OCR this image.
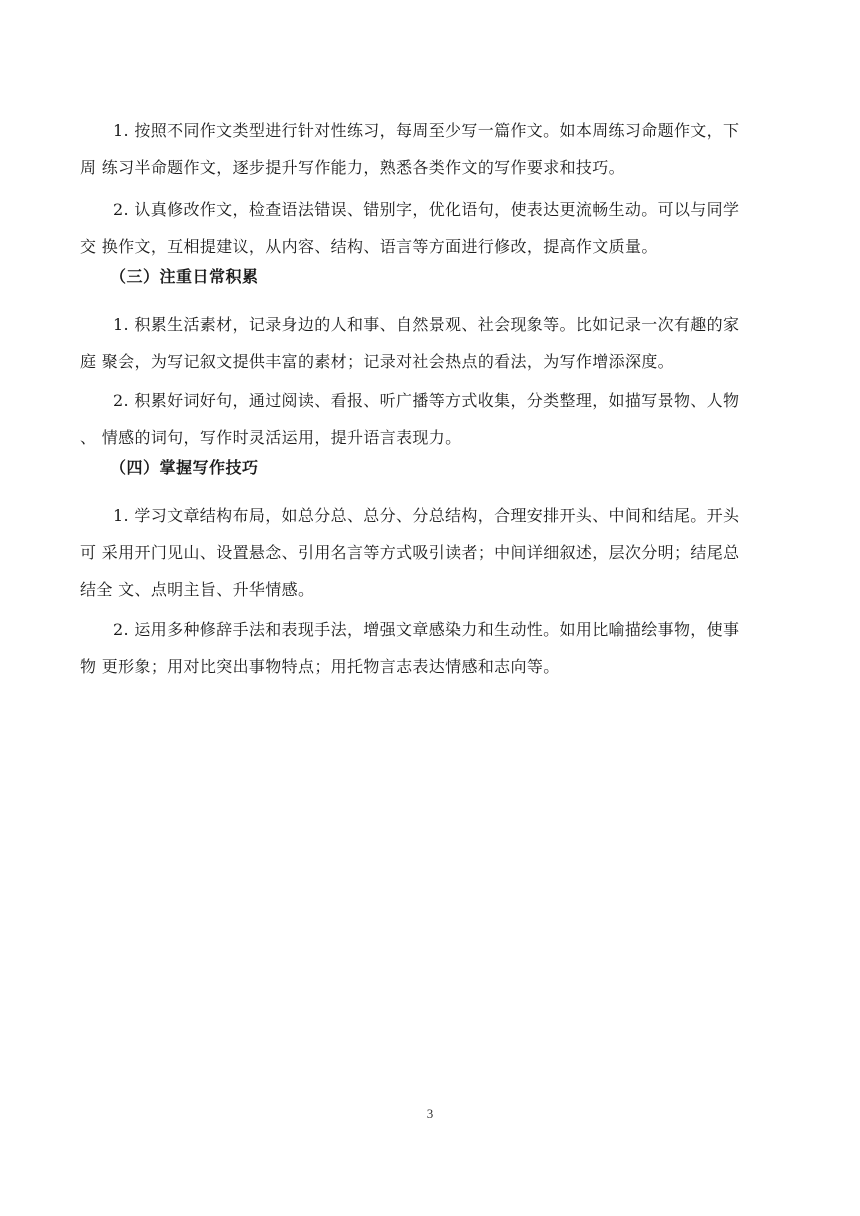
1. 按照不同作文类型进行针对性练习，每周至少写一篇作文。如本周练习命题作文，下
周 练习半命题作文，逐步提升写作能力，熟悉各类作文的写作要求和技巧。

2. 认真修改作文，检查语法错误、错别字，优化语句，使表达更流畅生动。可以与同学
交 换作文，互相提建议，从内容、结构、语言等方面进行修改，提高作文质量。

（三）注重日常积累

1. 积累生活素材，记录身边的人和事、自然景观、社会现象等。比如记录一次有趣的家
庭 聚会，为写记叙文提供丰富的素材；记录对社会热点的看法，为写作增添深度。

2. 积累好词好句，通过阅读、看报、听广播等方式收集，分类整理，如描写景物、人物
、 情感的词句，写作时灵活运用，提升语言表现力。

（四）掌握写作技巧

1. 学习文章结构布局，如总分总、总分、分总结构，合理安排开头、中间和结尾。开头
可 采用开门见山、设置悬念、引用名言等方式吸引读者；中间详细叙述，层次分明；结尾总
结全 文、点明主旨、升华情感。

2. 运用多种修辞手法和表现手法，增强文章感染力和生动性。如用比喻描绘事物，使事
物 更形象；用对比突出事物特点；用托物言志表达情感和志向等。

3
